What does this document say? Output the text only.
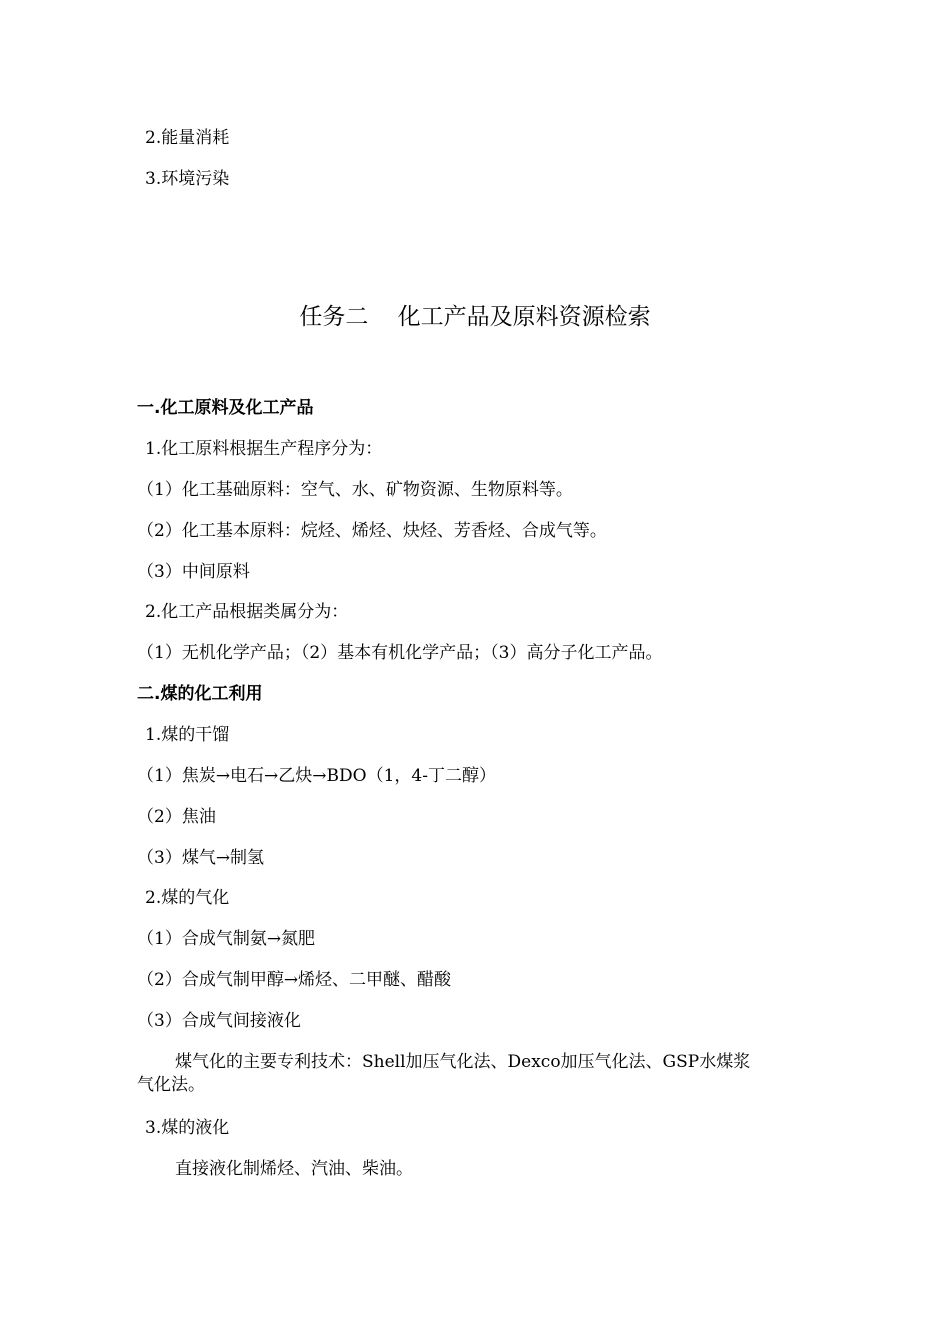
2.能量消耗
3.环境污染
任务二    化工产品及原料资源检索
一.化工原料及化工产品
1.化工原料根据生产程序分为：
（1）化工基础原料：空气、水、矿物资源、生物原料等。
（2）化工基本原料：烷烃、烯烃、炔烃、芳香烃、合成气等。
（3）中间原料
2.化工产品根据类属分为：
（1）无机化学产品；（2）基本有机化学产品；（3）高分子化工产品。
二.煤的化工利用
1.煤的干馏
（1）焦炭→电石→乙炔→BDO（1，4-丁二醇）
（2）焦油
（3）煤气→制氢
2.煤的气化
（1）合成气制氨→氮肥
（2）合成气制甲醇→烯烃、二甲醚、醋酸
（3）合成气间接液化
煤气化的主要专利技术：Shell加压气化法、Dexco加压气化法、GSP水煤浆
气化法。
3.煤的液化
直接液化制烯烃、汽油、柴油。
